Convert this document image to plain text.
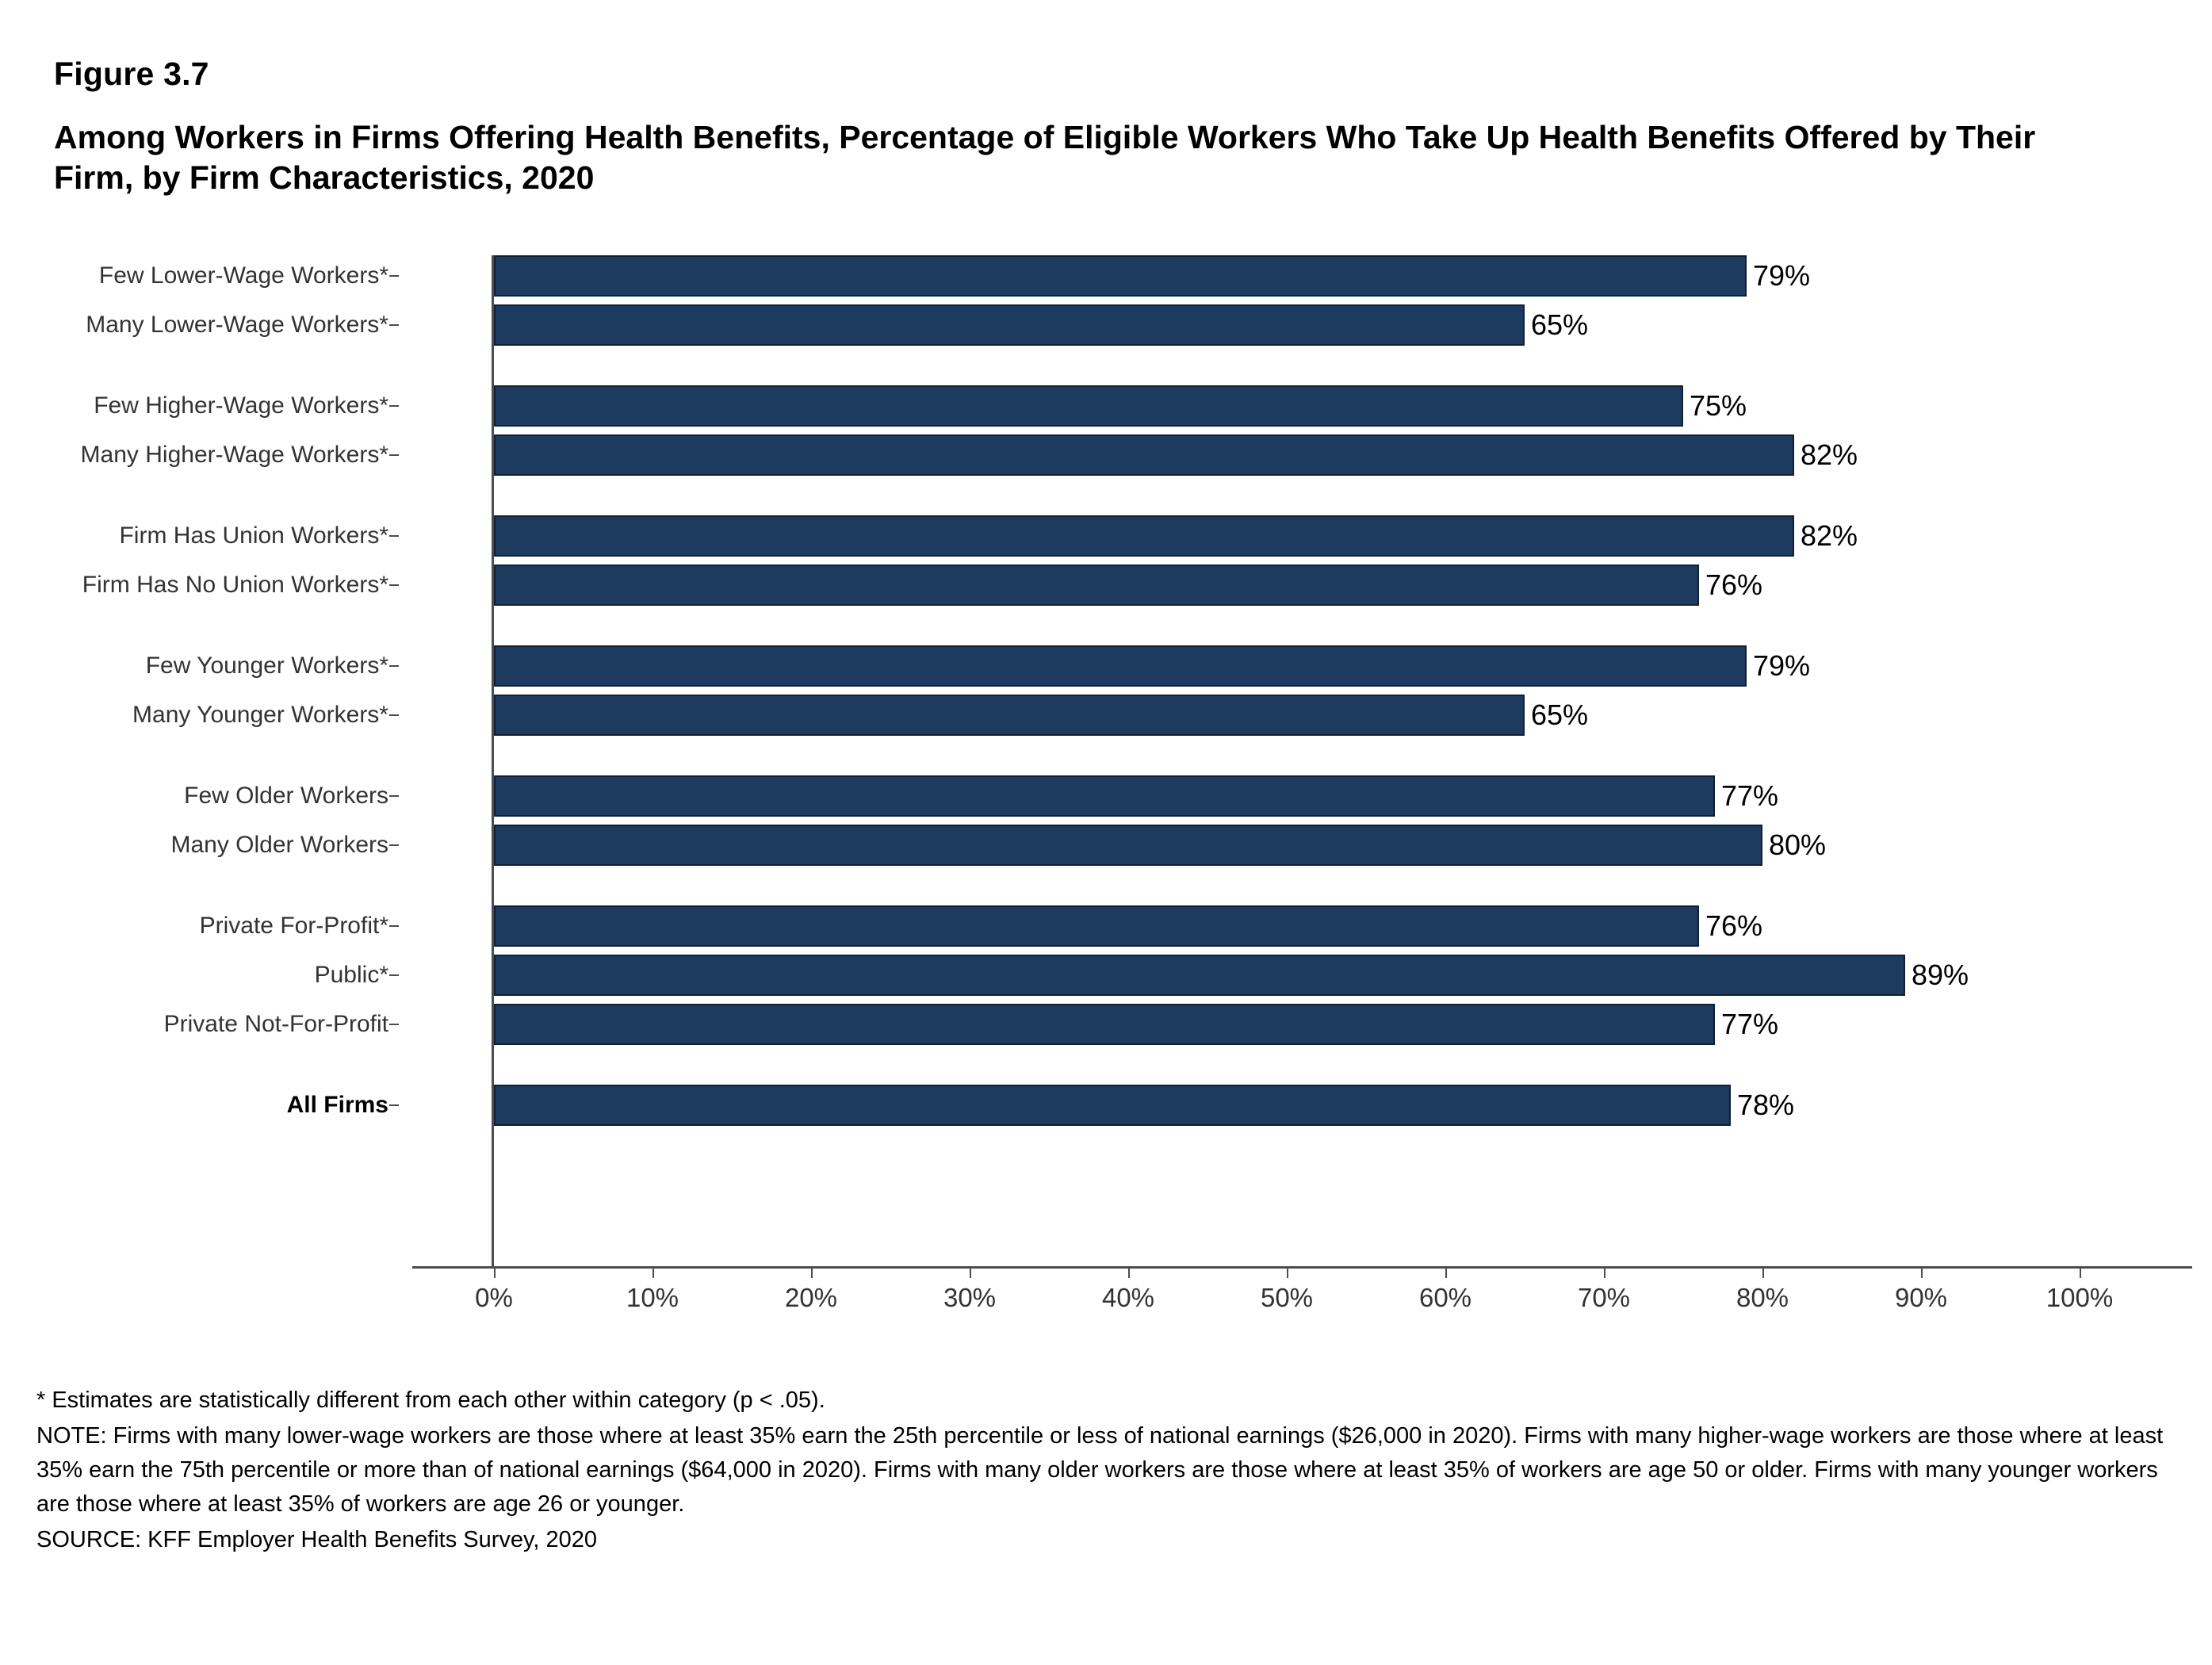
Figure 3.7
Among Workers in Firms Offering Health Benefits, Percentage of Eligible Workers Who Take Up Health Benefits Offered by Their Firm, by Firm Characteristics, 2020
Few Lower-Wage Workers*
Many Lower-Wage Workers*
Few Higher-Wage Workers*
Many Higher-Wage Workers*
Firm Has Union Workers*
Firm Has No Union Workers*
Few Younger Workers*
Many Younger Workers*
Few Older Workers
Many Older Workers
Private For-Profit*
Public*
Private Not-For-Profit
All Firms
79%
65%
75%
82%
82%
76%
79%
65%
77%
80%
76%
89%
77%
78%
0%	10%	20%	30%	40%	50%	60%	70%	80%	90%	100%

* Estimates are statistically different from each other within category (p < .05).

NOTE: Firms with many lower-wage workers are those where at least 35% earn the 25th percentile or less of national earnings ($26,000 in 2020). Firms with many higher-wage workers are those where at least 35% earn the 75th percentile or more than of national earnings ($64,000 in 2020). Firms with many older workers are those where at least 35% of workers are age 50 or older. Firms with many younger workers are those where at least 35% of workers are age 26 or younger.

SOURCE: KFF Employer Health Benefits Survey, 2020
